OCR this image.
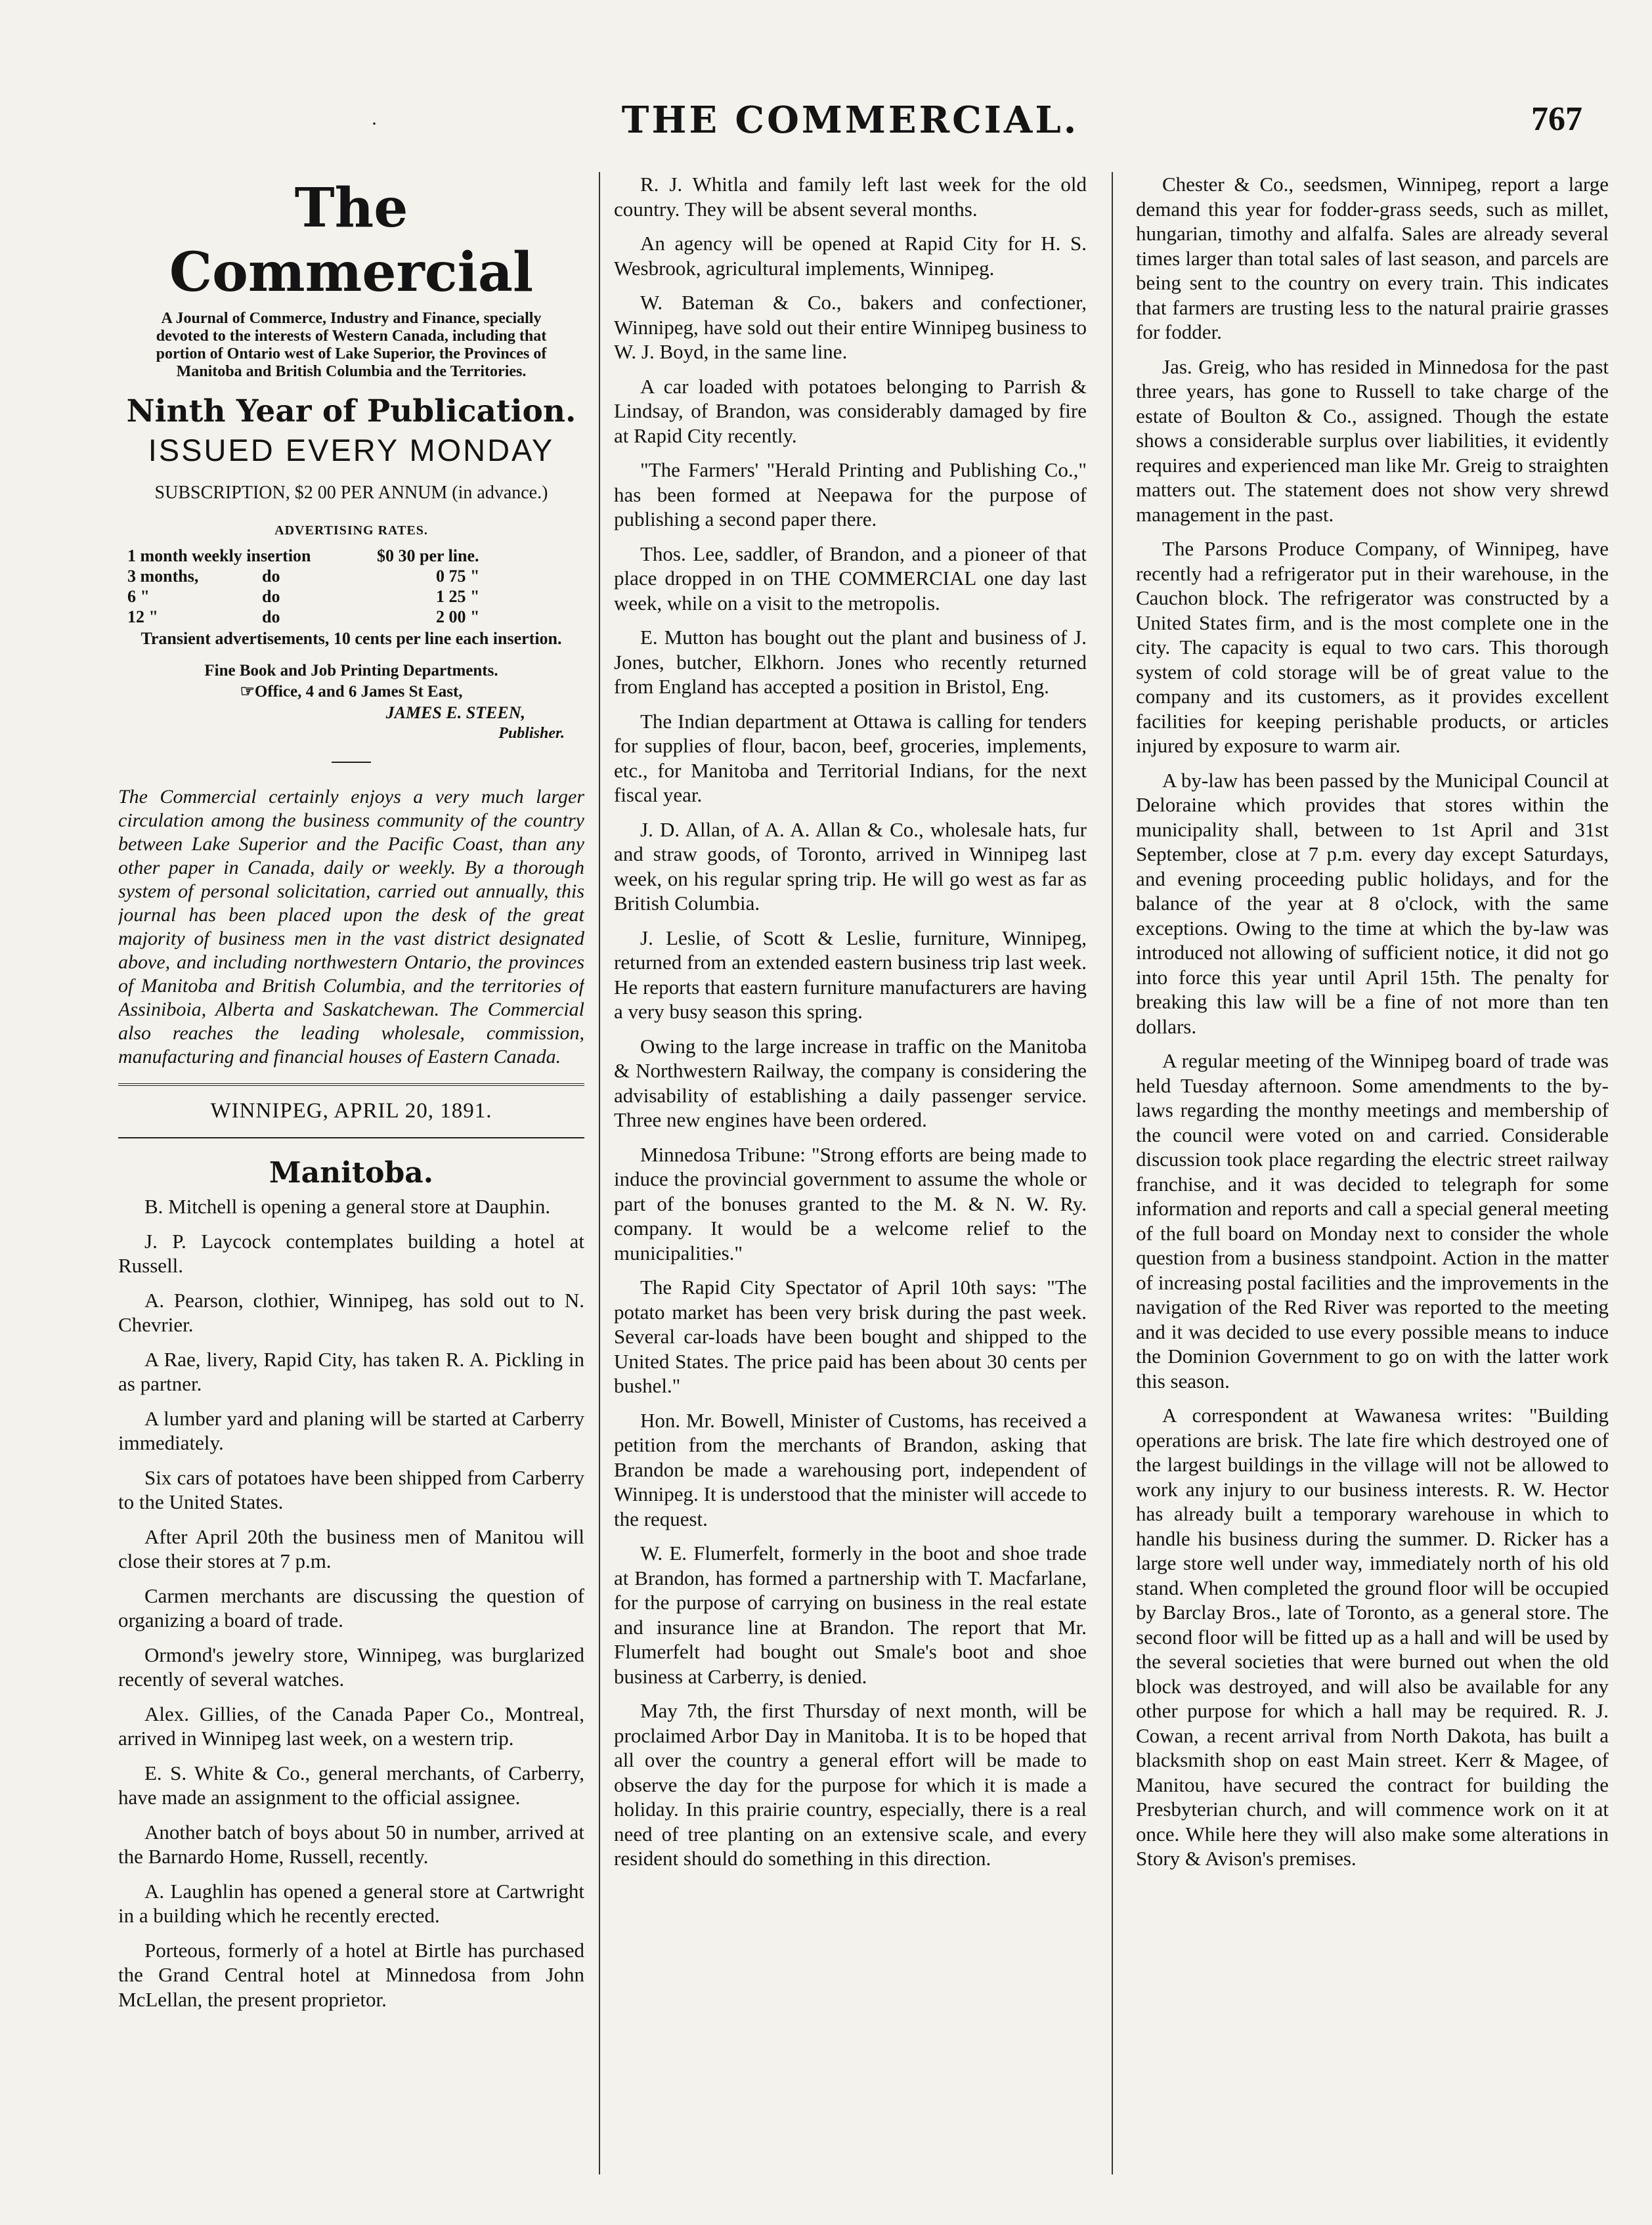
·	THE COMMERCIAL.	767
The Commercial
A Journal of Commerce, Industry and Finance, specially devoted to the interests of Western Canada, including that portion of Ontario west of Lake Superior, the Provinces of Manitoba and British Columbia and the Territories.
Ninth Year of Publication.
ISSUED EVERY MONDAY
SUBSCRIPTION, $2 00 PER ANNUM (in advance.)
ADVERTISING RATES.
1 month weekly insertion	$0 30 per line.
3 months,	do	0 75 "
6 "	do	1 25 "
12 "	do	2 00 "
Transient advertisements, 10 cents per line each insertion.
Fine Book and Job Printing Departments.
☞Office, 4 and 6 James St East,
JAMES E. STEEN,
Publisher.

The Commercial certainly enjoys a very much larger circulation among the business community of the country between Lake Superior and the Pacific Coast, than any other paper in Canada, daily or weekly. By a thorough system of personal solicitation, carried out annually, this journal has been placed upon the desk of the great majority of business men in the vast district designated above, and including northwestern Ontario, the provinces of Manitoba and British Columbia, and the territories of Assiniboia, Alberta and Saskatchewan. The Commercial also reaches the leading wholesale, commission, manufacturing and financial houses of Eastern Canada.

WINNIPEG, APRIL 20, 1891.
Manitoba.

B. Mitchell is opening a general store at Dauphin.

J. P. Laycock contemplates building a hotel at Russell.

A. Pearson, clothier, Winnipeg, has sold out to N. Chevrier.

A Rae, livery, Rapid City, has taken R. A. Pickling in as partner.

A lumber yard and planing will be started at Carberry immediately.

Six cars of potatoes have been shipped from Carberry to the United States.

After April 20th the business men of Manitou will close their stores at 7 p.m.

Carmen merchants are discussing the question of organizing a board of trade.

Ormond's jewelry store, Winnipeg, was burglarized recently of several watches.

Alex. Gillies, of the Canada Paper Co., Montreal, arrived in Winnipeg last week, on a western trip.

E. S. White & Co., general merchants, of Carberry, have made an assignment to the official assignee.

Another batch of boys about 50 in number, arrived at the Barnardo Home, Russell, recently.

A. Laughlin has opened a general store at Cartwright in a building which he recently erected.

Porteous, formerly of a hotel at Birtle has purchased the Grand Central hotel at Minnedosa from John McLellan, the present proprietor.

R. J. Whitla and family left last week for the old country. They will be absent several months.

An agency will be opened at Rapid City for H. S. Wesbrook, agricultural implements, Winnipeg.

W. Bateman & Co., bakers and confectioner, Winnipeg, have sold out their entire Winnipeg business to W. J. Boyd, in the same line.

A car loaded with potatoes belonging to Parrish & Lindsay, of Brandon, was considerably damaged by fire at Rapid City recently.

"The Farmers' "Herald Printing and Publishing Co.," has been formed at Neepawa for the purpose of publishing a second paper there.

Thos. Lee, saddler, of Brandon, and a pioneer of that place dropped in on THE COMMERCIAL one day last week, while on a visit to the metropolis.

E. Mutton has bought out the plant and business of J. Jones, butcher, Elkhorn. Jones who recently returned from England has accepted a position in Bristol, Eng.

The Indian department at Ottawa is calling for tenders for supplies of flour, bacon, beef, groceries, implements, etc., for Manitoba and Territorial Indians, for the next fiscal year.

J. D. Allan, of A. A. Allan & Co., wholesale hats, fur and straw goods, of Toronto, arrived in Winnipeg last week, on his regular spring trip. He will go west as far as British Columbia.

J. Leslie, of Scott & Leslie, furniture, Winnipeg, returned from an extended eastern business trip last week. He reports that eastern furniture manufacturers are having a very busy season this spring.

Owing to the large increase in traffic on the Manitoba & Northwestern Railway, the company is considering the advisability of establishing a daily passenger service. Three new engines have been ordered.

Minnedosa Tribune: "Strong efforts are being made to induce the provincial government to assume the whole or part of the bonuses granted to the M. & N. W. Ry. company. It would be a welcome relief to the municipalities."

The Rapid City Spectator of April 10th says: "The potato market has been very brisk during the past week. Several car-loads have been bought and shipped to the United States. The price paid has been about 30 cents per bushel."

Hon. Mr. Bowell, Minister of Customs, has received a petition from the merchants of Brandon, asking that Brandon be made a warehousing port, independent of Winnipeg. It is understood that the minister will accede to the request.

W. E. Flumerfelt, formerly in the boot and shoe trade at Brandon, has formed a partnership with T. Macfarlane, for the purpose of carrying on business in the real estate and insurance line at Brandon. The report that Mr. Flumerfelt had bought out Smale's boot and shoe business at Carberry, is denied.

May 7th, the first Thursday of next month, will be proclaimed Arbor Day in Manitoba. It is to be hoped that all over the country a general effort will be made to observe the day for the purpose for which it is made a holiday. In this prairie country, especially, there is a real need of tree planting on an extensive scale, and every resident should do something in this direction.

Chester & Co., seedsmen, Winnipeg, report a large demand this year for fodder-grass seeds, such as millet, hungarian, timothy and alfalfa. Sales are already several times larger than total sales of last season, and parcels are being sent to the country on every train. This indicates that farmers are trusting less to the natural prairie grasses for fodder.

Jas. Greig, who has resided in Minnedosa for the past three years, has gone to Russell to take charge of the estate of Boulton & Co., assigned. Though the estate shows a considerable surplus over liabilities, it evidently requires and experienced man like Mr. Greig to straighten matters out. The statement does not show very shrewd management in the past.

The Parsons Produce Company, of Winnipeg, have recently had a refrigerator put in their warehouse, in the Cauchon block. The refrigerator was constructed by a United States firm, and is the most complete one in the city. The capacity is equal to two cars. This thorough system of cold storage will be of great value to the company and its customers, as it provides excellent facilities for keeping perishable products, or articles injured by exposure to warm air.

A by-law has been passed by the Municipal Council at Deloraine which provides that stores within the municipality shall, between to 1st April and 31st September, close at 7 p.m. every day except Saturdays, and evening proceeding public holidays, and for the balance of the year at 8 o'clock, with the same exceptions. Owing to the time at which the by-law was introduced not allowing of sufficient notice, it did not go into force this year until April 15th. The penalty for breaking this law will be a fine of not more than ten dollars.

A regular meeting of the Winnipeg board of trade was held Tuesday afternoon. Some amendments to the by-laws regarding the monthy meetings and membership of the council were voted on and carried. Considerable discussion took place regarding the electric street railway franchise, and it was decided to telegraph for some information and reports and call a special general meeting of the full board on Monday next to consider the whole question from a business standpoint. Action in the matter of increasing postal facilities and the improvements in the navigation of the Red River was reported to the meeting and it was decided to use every possible means to induce the Dominion Government to go on with the latter work this season.

A correspondent at Wawanesa writes: "Building operations are brisk. The late fire which destroyed one of the largest buildings in the village will not be allowed to work any injury to our business interests. R. W. Hector has already built a temporary warehouse in which to handle his business during the summer. D. Ricker has a large store well under way, immediately north of his old stand. When completed the ground floor will be occupied by Barclay Bros., late of Toronto, as a general store. The second floor will be fitted up as a hall and will be used by the several societies that were burned out when the old block was destroyed, and will also be available for any other purpose for which a hall may be required. R. J. Cowan, a recent arrival from North Dakota, has built a blacksmith shop on east Main street. Kerr & Magee, of Manitou, have secured the contract for building the Presbyterian church, and will commence work on it at once. While here they will also make some alterations in Story & Avison's premises.
